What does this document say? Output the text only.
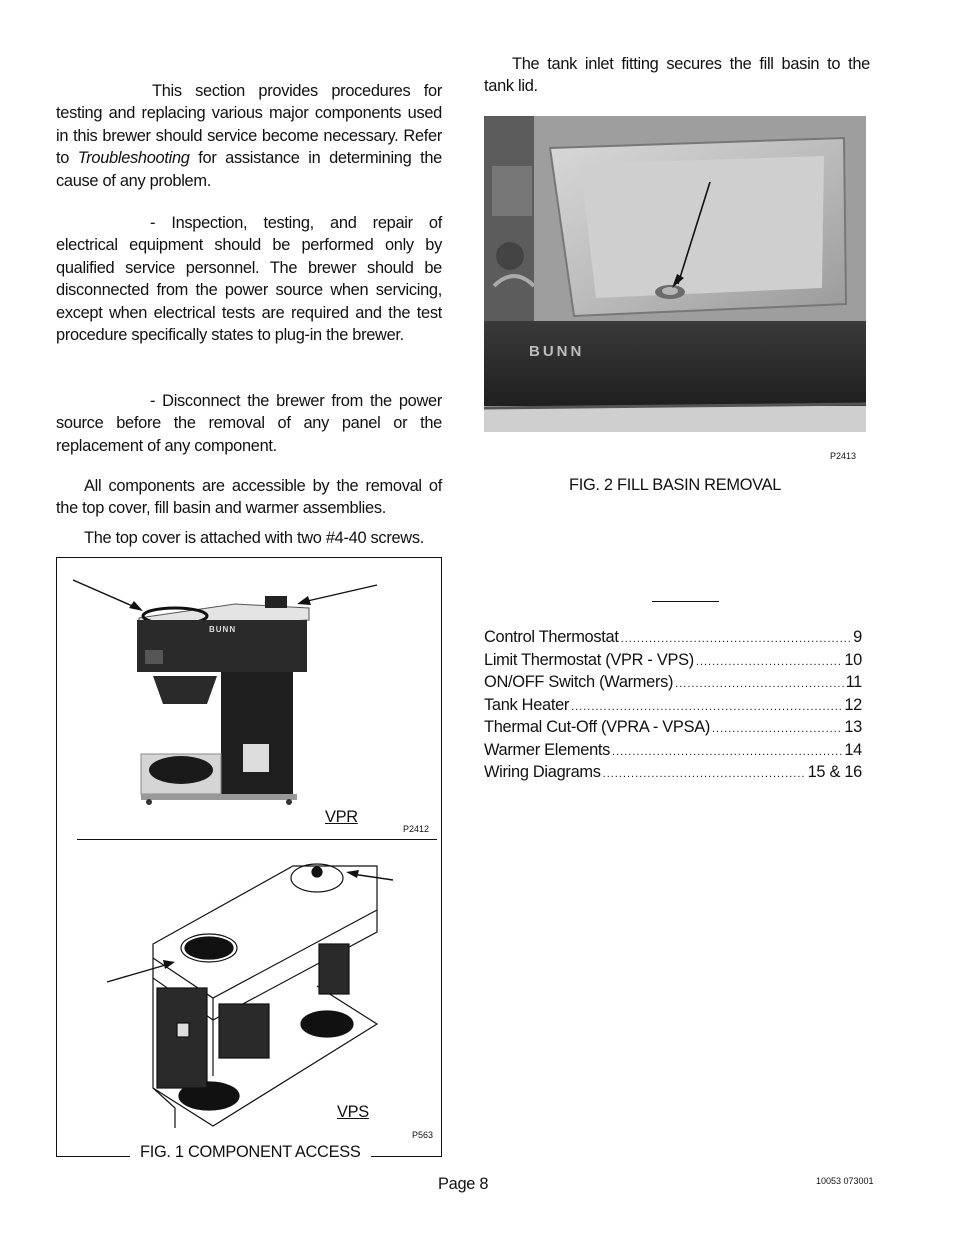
This section provides procedures for testing and replacing various major components used in this brewer should service become necessary. Refer to Troubleshooting for assistance in determining the cause of any problem.

- Inspection, testing, and repair of electrical equipment should be performed only by qualified service personnel. The brewer should be disconnected from the power source when servicing, except when electrical tests are required and the test procedure specifically states to plug-in the brewer.

- Disconnect the brewer from the power source before the removal of any panel or the replacement of any component.

All components are accessible by the removal of the top cover, fill basin and warmer assemblies.

The top cover is attached with two #4-40 screws.

The tank inlet fitting secures the fill basin to the tank lid.

BUNN
P2413
FIG. 2 FILL BASIN REMOVAL
Control Thermostat .....	9
Limit Thermostat (VPR - VPS) .....	10
ON/OFF Switch (Warmers) .....	11
Tank Heater .....	12
Thermal Cut-Off (VPRA - VPSA) .....	13
Warmer Elements .....	14
Wiring Diagrams .....	15 & 16
BUNN
VPR
P2412
VPS
P563
FIG. 1 COMPONENT ACCESS
Page 8	10053 073001
